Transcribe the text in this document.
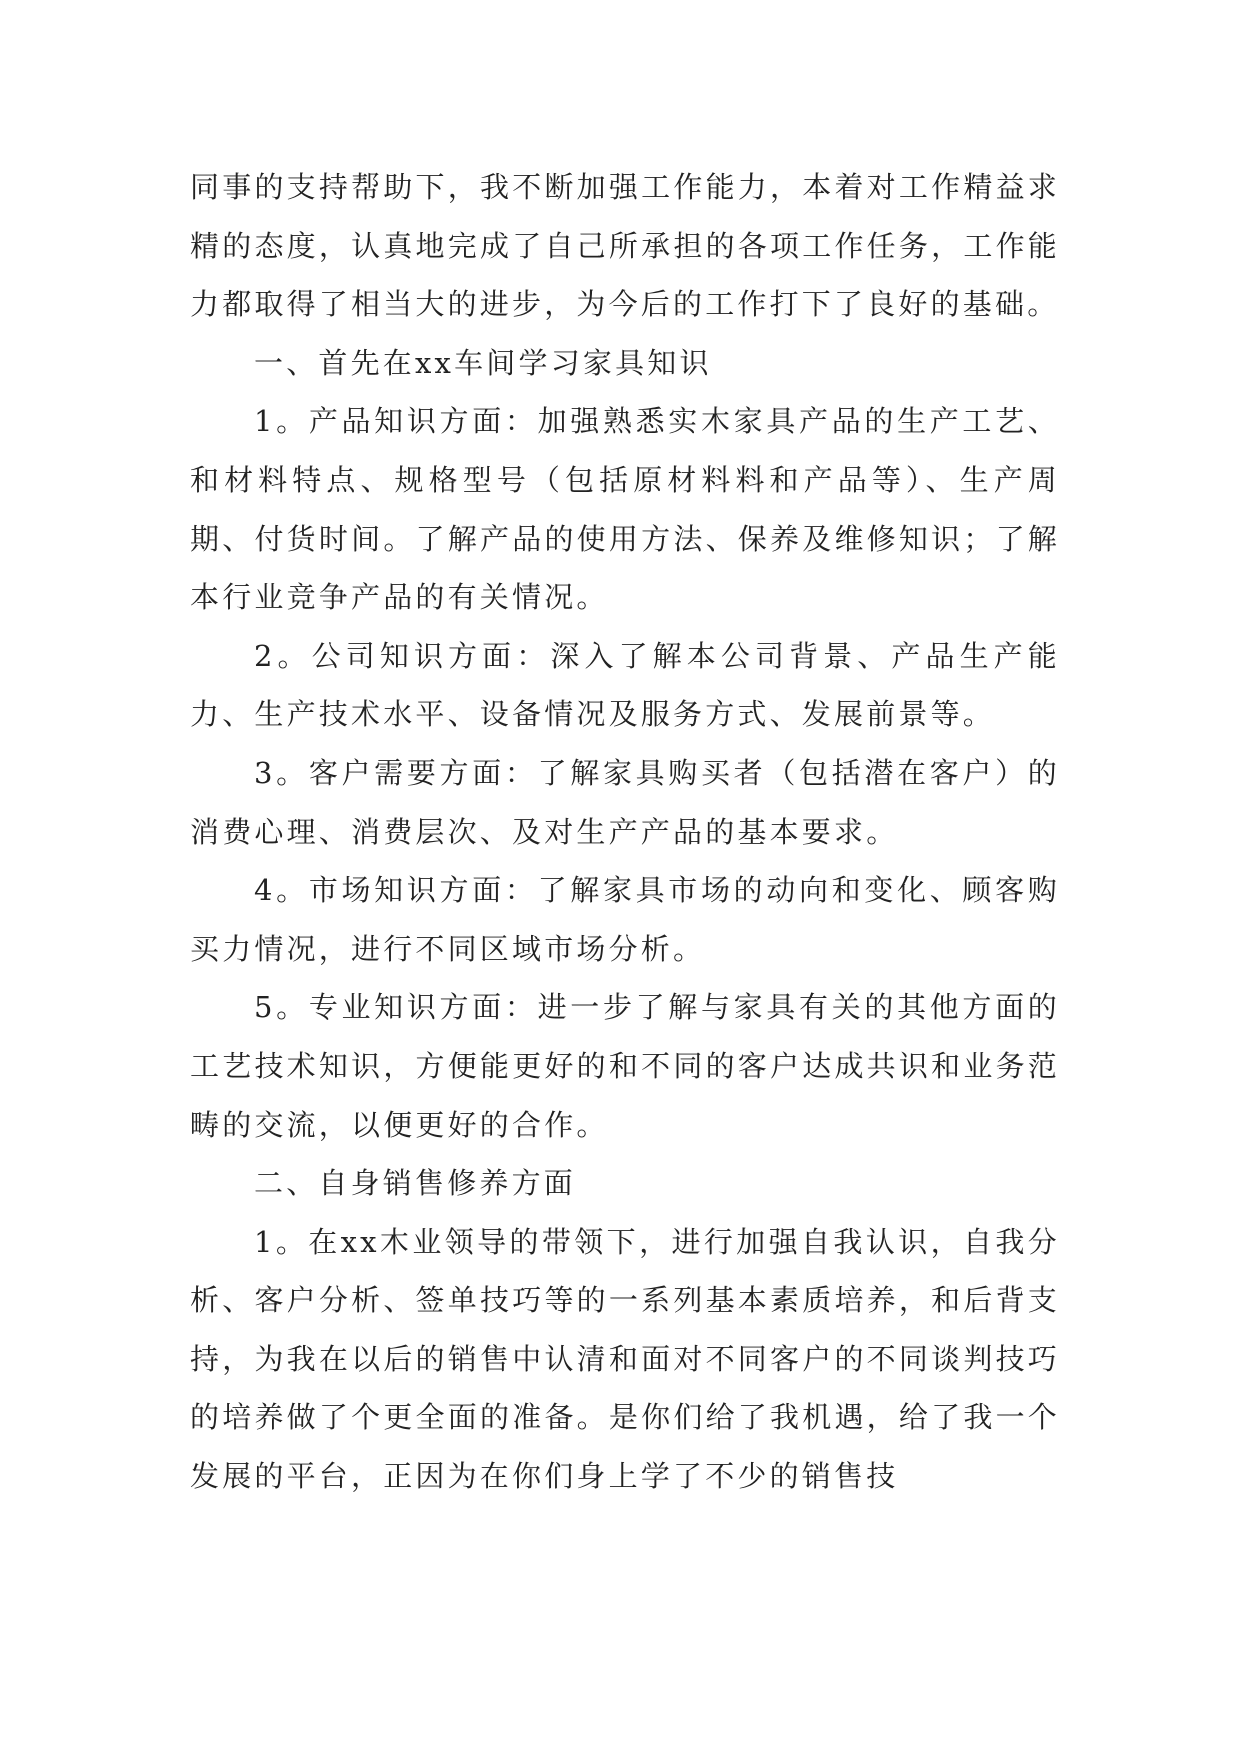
同事的支持帮助下，我不断加强工作能力，本着对工作精益求精的态度，认真地完成了自己所承担的各项工作任务，工作能力都取得了相当大的进步，为今后的工作打下了良好的基础。

一、首先在xx车间学习家具知识

1。产品知识方面：加强熟悉实木家具产品的生产工艺、和材料特点、规格型号（包括原材料料和产品等）、生产周期、付货时间。了解产品的使用方法、保养及维修知识；了解本行业竞争产品的有关情况。

2。公司知识方面：深入了解本公司背景、产品生产能力、生产技术水平、设备情况及服务方式、发展前景等。

3。客户需要方面：了解家具购买者（包括潜在客户）的消费心理、消费层次、及对生产产品的基本要求。

4。市场知识方面：了解家具市场的动向和变化、顾客购买力情况，进行不同区域市场分析。

5。专业知识方面：进一步了解与家具有关的其他方面的工艺技术知识，方便能更好的和不同的客户达成共识和业务范畴的交流，以便更好的合作。

二、自身销售修养方面

1。在xx木业领导的带领下，进行加强自我认识，自我分析、客户分析、签单技巧等的一系列基本素质培养，和后背支持，为我在以后的销售中认清和面对不同客户的不同谈判技巧的培养做了个更全面的准备。是你们给了我机遇，给了我一个发展的平台，正因为在你们身上学了不少的销售技
